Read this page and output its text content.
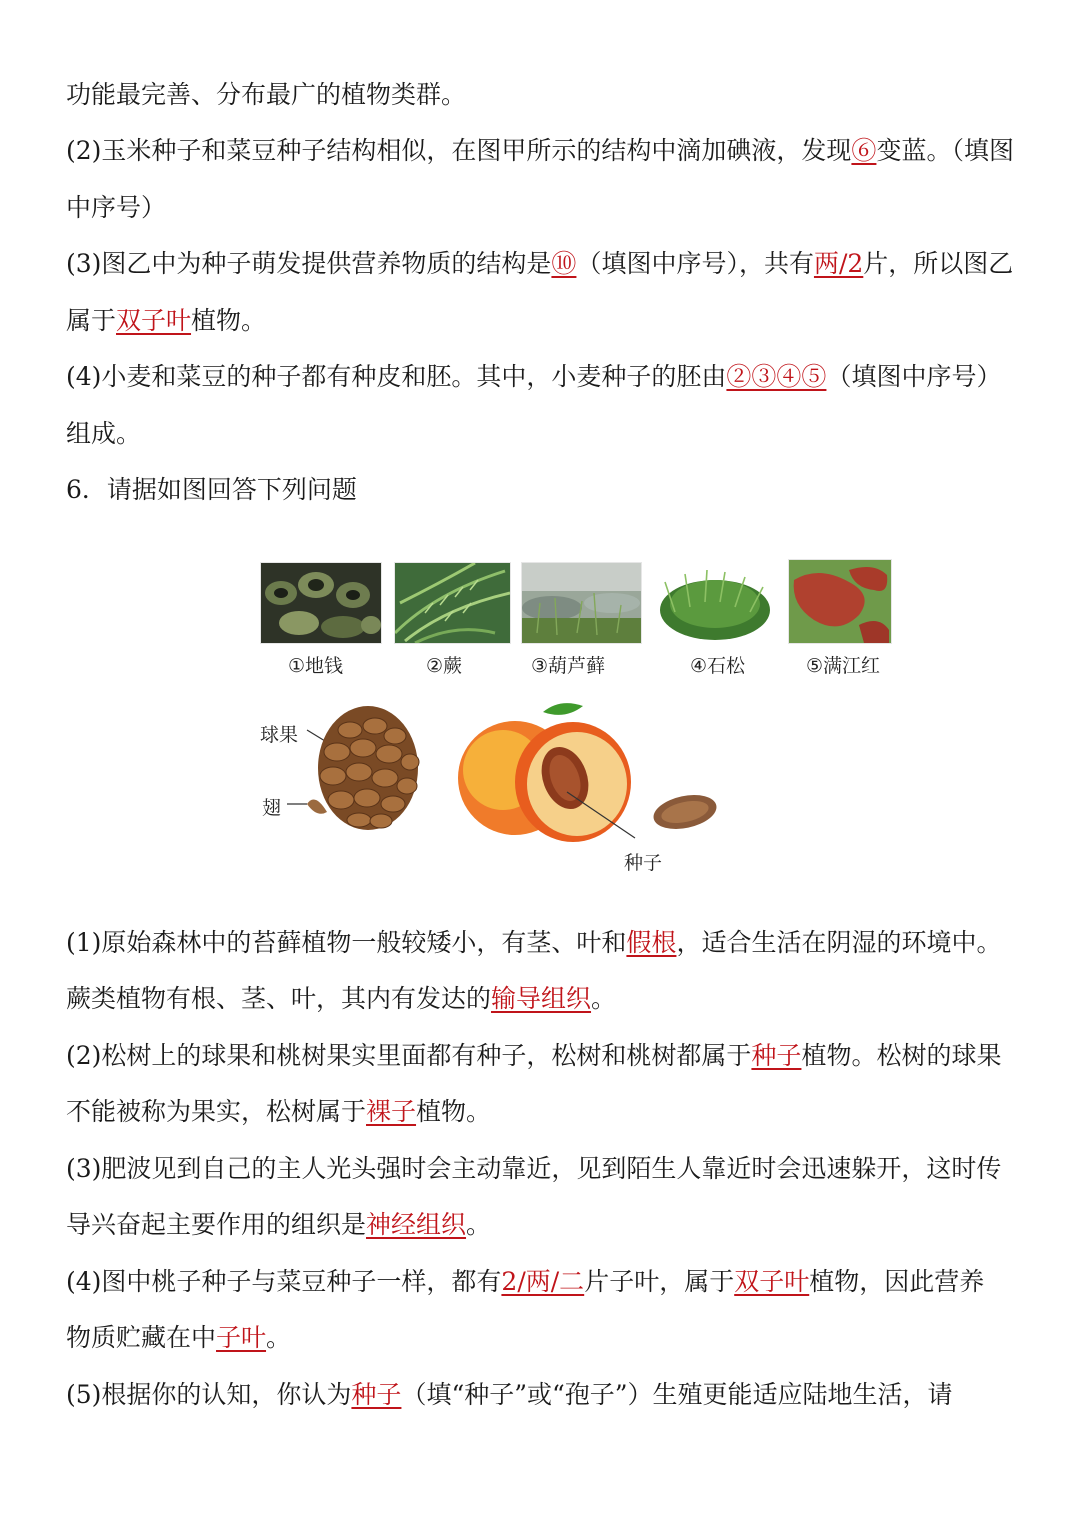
功能最完善、分布最广的植物类群。
(2)玉米种子和菜豆种子结构相似，在图甲所示的结构中滴加碘液，发现⑥变蓝。（填图
中序号）
(3)图乙中为种子萌发提供营养物质的结构是⑩（填图中序号），共有两/2片，所以图乙
属于双子叶植物。
(4)小麦和菜豆的种子都有种皮和胚。其中，小麦种子的胚由②③④⑤（填图中序号）
组成。
6．请据如图回答下列问题
(1)原始森林中的苔藓植物一般较矮小，有茎、叶和假根，适合生活在阴湿的环境中。
蕨类植物有根、茎、叶，其内有发达的输导组织。
(2)松树上的球果和桃树果实里面都有种子，松树和桃树都属于种子植物。松树的球果
不能被称为果实，松树属于裸子植物。
(3)肥波见到自己的主人光头强时会主动靠近，见到陌生人靠近时会迅速躲开，这时传
导兴奋起主要作用的组织是神经组织。
(4)图中桃子种子与菜豆种子一样，都有2/两/二片子叶，属于双子叶植物，因此营养
物质贮藏在中子叶。
(5)根据你的认知，你认为种子（填“种子”或“孢子”）生殖更能适应陆地生活，请
①地钱	②蕨	③葫芦藓	④石松	⑤满江红
球果
翅
种子
